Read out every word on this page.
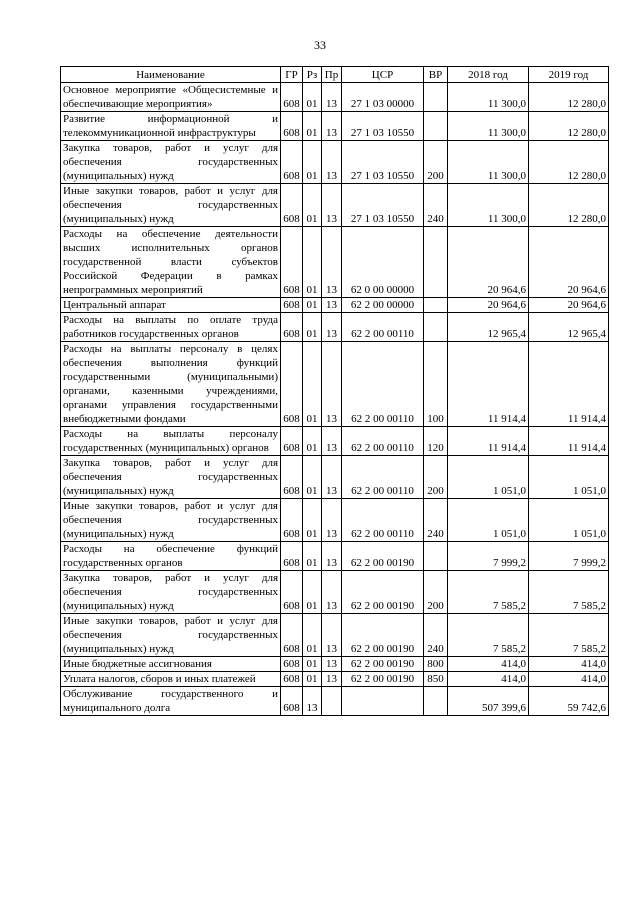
33
Наименование	ГР	Рз	Пр	ЦСР	ВР	2018 год	2019 год
Основное мероприятие «Общесистемные и обеспечивающие мероприятия»	608	01	13	27 1 03 00000		11 300,0	12 280,0
Развитие информационной и телекоммуникационной инфраструктуры	608	01	13	27 1 03 10550		11 300,0	12 280,0
Закупка товаров, работ и услуг для обеспечения государственных (муниципальных) нужд	608	01	13	27 1 03 10550	200	11 300,0	12 280,0
Иные закупки товаров, работ и услуг для обеспечения государственных (муниципальных) нужд	608	01	13	27 1 03 10550	240	11 300,0	12 280,0
Расходы на обеспечение деятельности высших исполнительных органов государственной власти субъектов Российской Федерации в рамках непрограммных мероприятий	608	01	13	62 0 00 00000		20 964,6	20 964,6
Центральный аппарат	608	01	13	62 2 00 00000		20 964,6	20 964,6
Расходы на выплаты по оплате труда работников государственных органов	608	01	13	62 2 00 00110		12 965,4	12 965,4
Расходы на выплаты персоналу в целях обеспечения выполнения функций государственными (муниципальными) органами, казенными учреждениями, органами управления государственными внебюджетными фондами	608	01	13	62 2 00 00110	100	11 914,4	11 914,4
Расходы на выплаты персоналу государственных (муниципальных) органов	608	01	13	62 2 00 00110	120	11 914,4	11 914,4
Закупка товаров, работ и услуг для обеспечения государственных (муниципальных) нужд	608	01	13	62 2 00 00110	200	1 051,0	1 051,0
Иные закупки товаров, работ и услуг для обеспечения государственных (муниципальных) нужд	608	01	13	62 2 00 00110	240	1 051,0	1 051,0
Расходы на обеспечение функций государственных органов	608	01	13	62 2 00 00190		7 999,2	7 999,2
Закупка товаров, работ и услуг для обеспечения государственных (муниципальных) нужд	608	01	13	62 2 00 00190	200	7 585,2	7 585,2
Иные закупки товаров, работ и услуг для обеспечения государственных (муниципальных) нужд	608	01	13	62 2 00 00190	240	7 585,2	7 585,2
Иные бюджетные ассигнования	608	01	13	62 2 00 00190	800	414,0	414,0
Уплата налогов, сборов и иных платежей	608	01	13	62 2 00 00190	850	414,0	414,0
Обслуживание государственного и муниципального долга	608	13				507 399,6	59 742,6
